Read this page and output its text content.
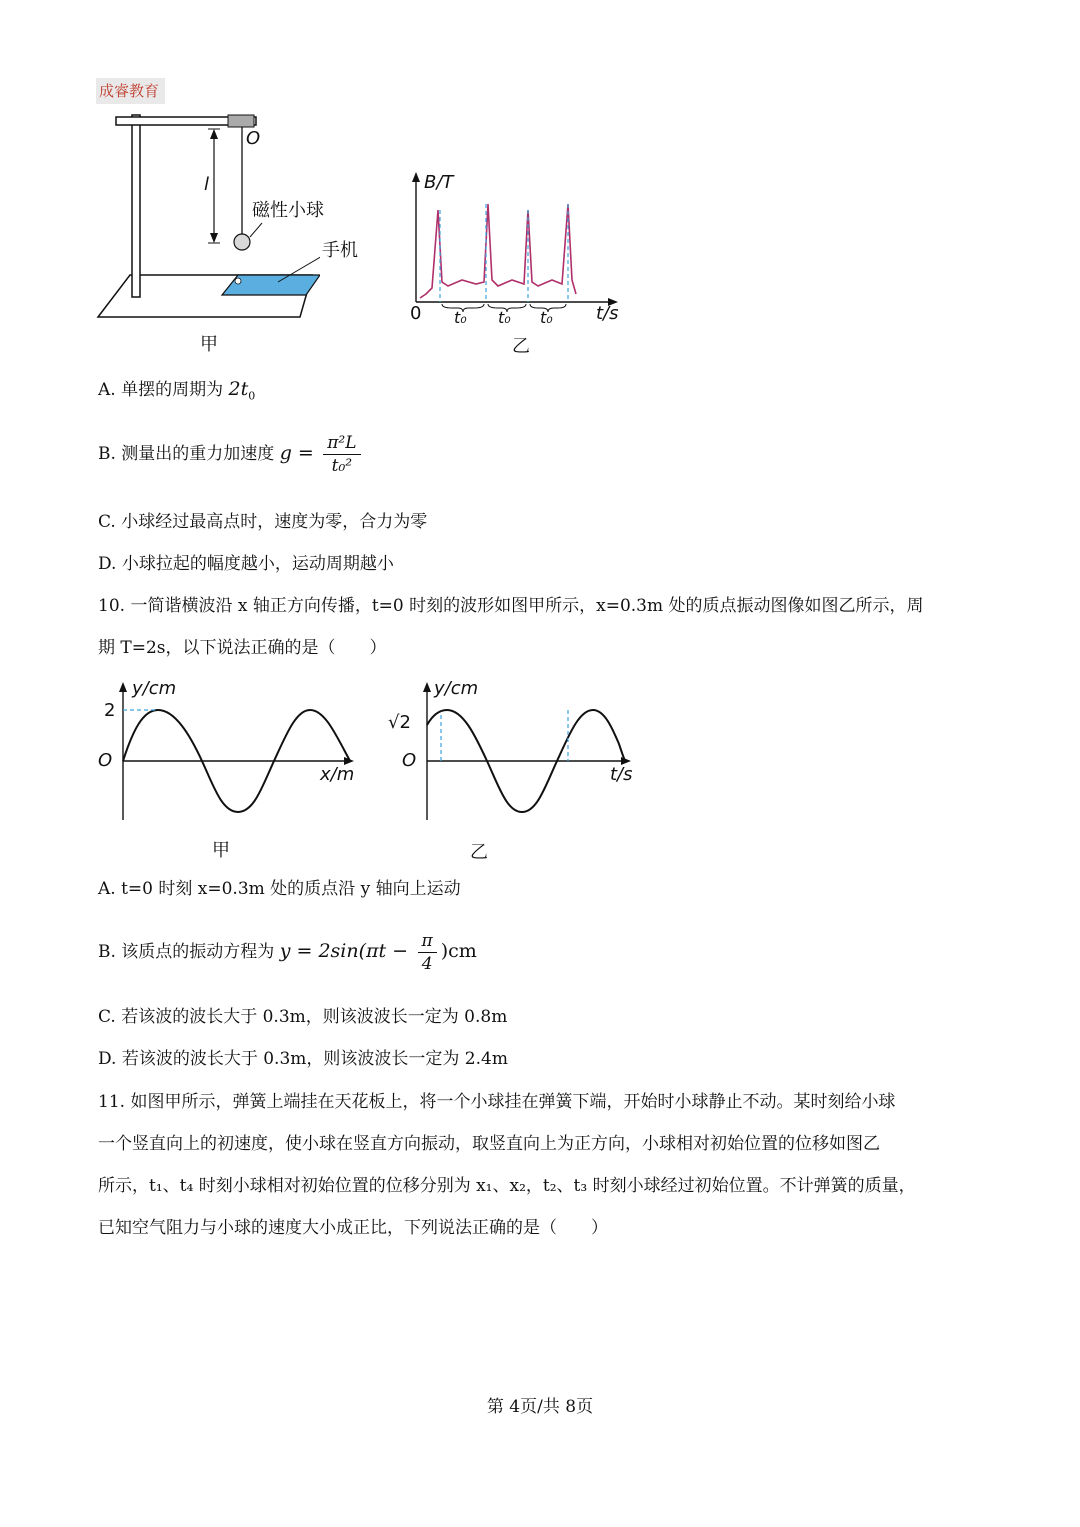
成睿教育
O
l
磁性小球
手机
甲
B/T
0	t/s
t₀ t₀ t₀
乙
A. 单摆的周期为 $2t_0$
B. 测量出的重力加速度 $g = \frac{\text{π²L}}{\text{t₀²}}$
C. 小球经过最高点时，速度为零，合力为零
D. 小球拉起的幅度越小，运动周期越小
10. 一简谐横波沿 x 轴正方向传播，t=0 时刻的波形如图甲所示，x=0.3m 处的质点振动图像如图乙所示，周
期 T=2s，以下说法正确的是（　　）
y/cm
2
O
x/m
甲
y/cm
√2
O
t/s
乙
A. t=0 时刻 x=0.3m 处的质点沿 y 轴向上运动
B. 该质点的振动方程为 $y = 2\sin(\pi t - \frac{\pi}{4} )cm$
C. 若该波的波长大于 0.3m，则该波波长一定为 0.8m
D. 若该波的波长大于 0.3m，则该波波长一定为 2.4m
11. 如图甲所示，弹簧上端挂在天花板上，将一个小球挂在弹簧下端，开始时小球静止不动。某时刻给小球
一个竖直向上的初速度，使小球在竖直方向振动，取竖直向上为正方向，小球相对初始位置的位移如图乙
所示，t₁、t₄ 时刻小球相对初始位置的位移分别为 x₁、x₂，t₂、t₃ 时刻小球经过初始位置。不计弹簧的质量，
已知空气阻力与小球的速度大小成正比，下列说法正确的是（　　）
第 4页/共 8页
